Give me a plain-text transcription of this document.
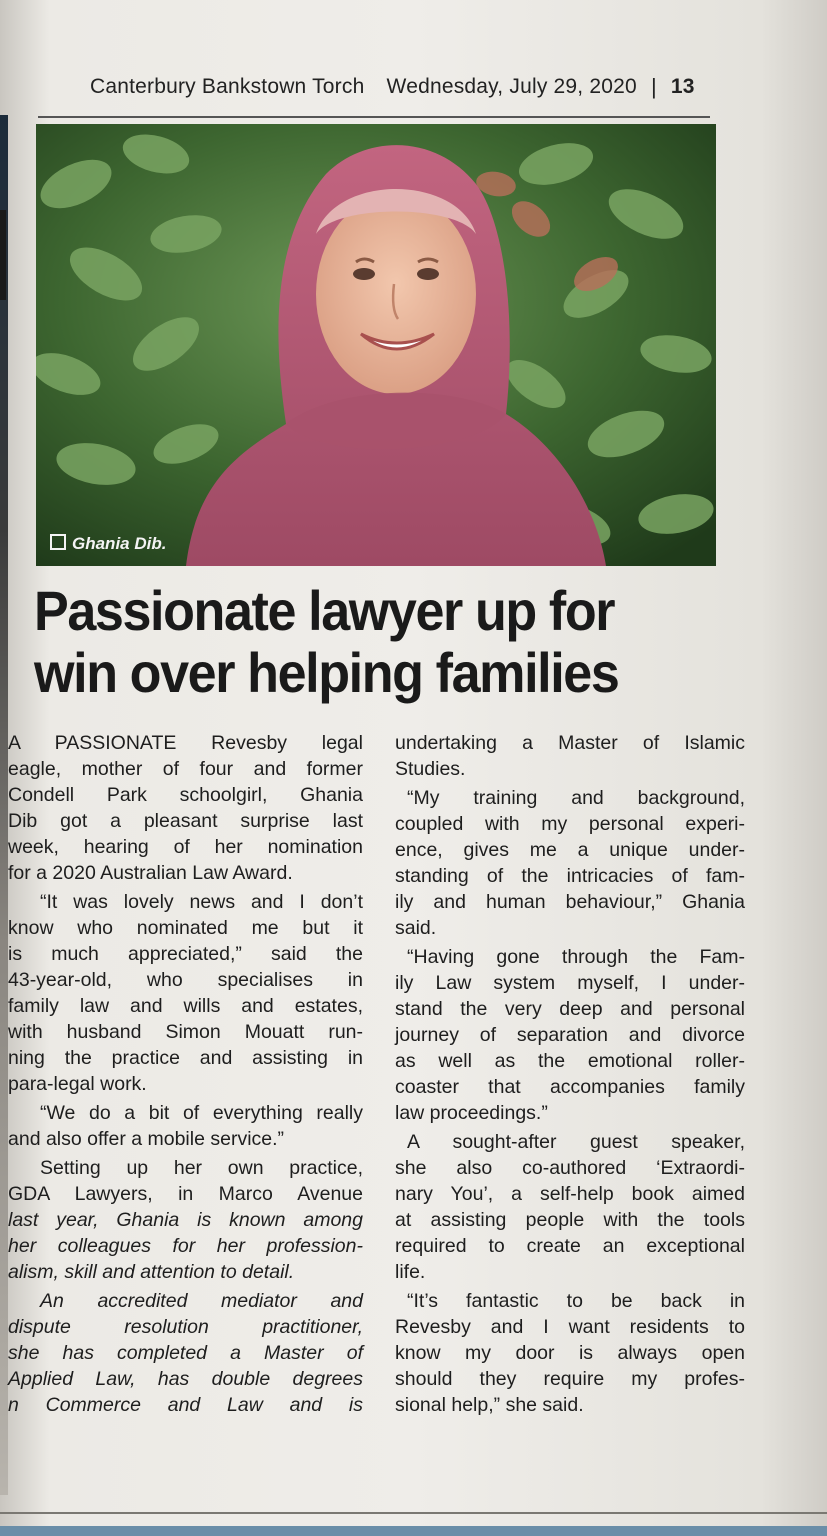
Canterbury Bankstown Torch Wednesday, July 29, 2020 | 13
Ghania Dib.
Passionate lawyer up for
win over helping families
A PASSIONATE Revesby legal
eagle, mother of four and former
Condell Park schoolgirl, Ghania
Dib got a pleasant surprise last
week, hearing of her nomination
for a 2020 Australian Law Award.
“It was lovely news and I don’t
know who nominated me but it
is much appreciated,” said the
43-year-old, who specialises in
family law and wills and estates,
with husband Simon Mouatt run-
ning the practice and assisting in
para-legal work.
“We do a bit of everything really
and also offer a mobile service.”
Setting up her own practice,
GDA Lawyers, in Marco Avenue
last year, Ghania is known among
her colleagues for her profession-
alism, skill and attention to detail.
An accredited mediator and
dispute resolution practitioner,
she has completed a Master of
Applied Law, has double degrees
n Commerce and Law and is
undertaking a Master of Islamic
Studies.
“My training and background,
coupled with my personal experi-
ence, gives me a unique under-
standing of the intricacies of fam-
ily and human behaviour,” Ghania
said.
“Having gone through the Fam-
ily Law system myself, I under-
stand the very deep and personal
journey of separation and divorce
as well as the emotional roller-
coaster that accompanies family
law proceedings.”
A sought-after guest speaker,
she also co-authored ‘Extraordi-
nary You’, a self-help book aimed
at assisting people with the tools
required to create an exceptional
life.
“It’s fantastic to be back in
Revesby and I want residents to
know my door is always open
should they require my profes-
sional help,” she said.
